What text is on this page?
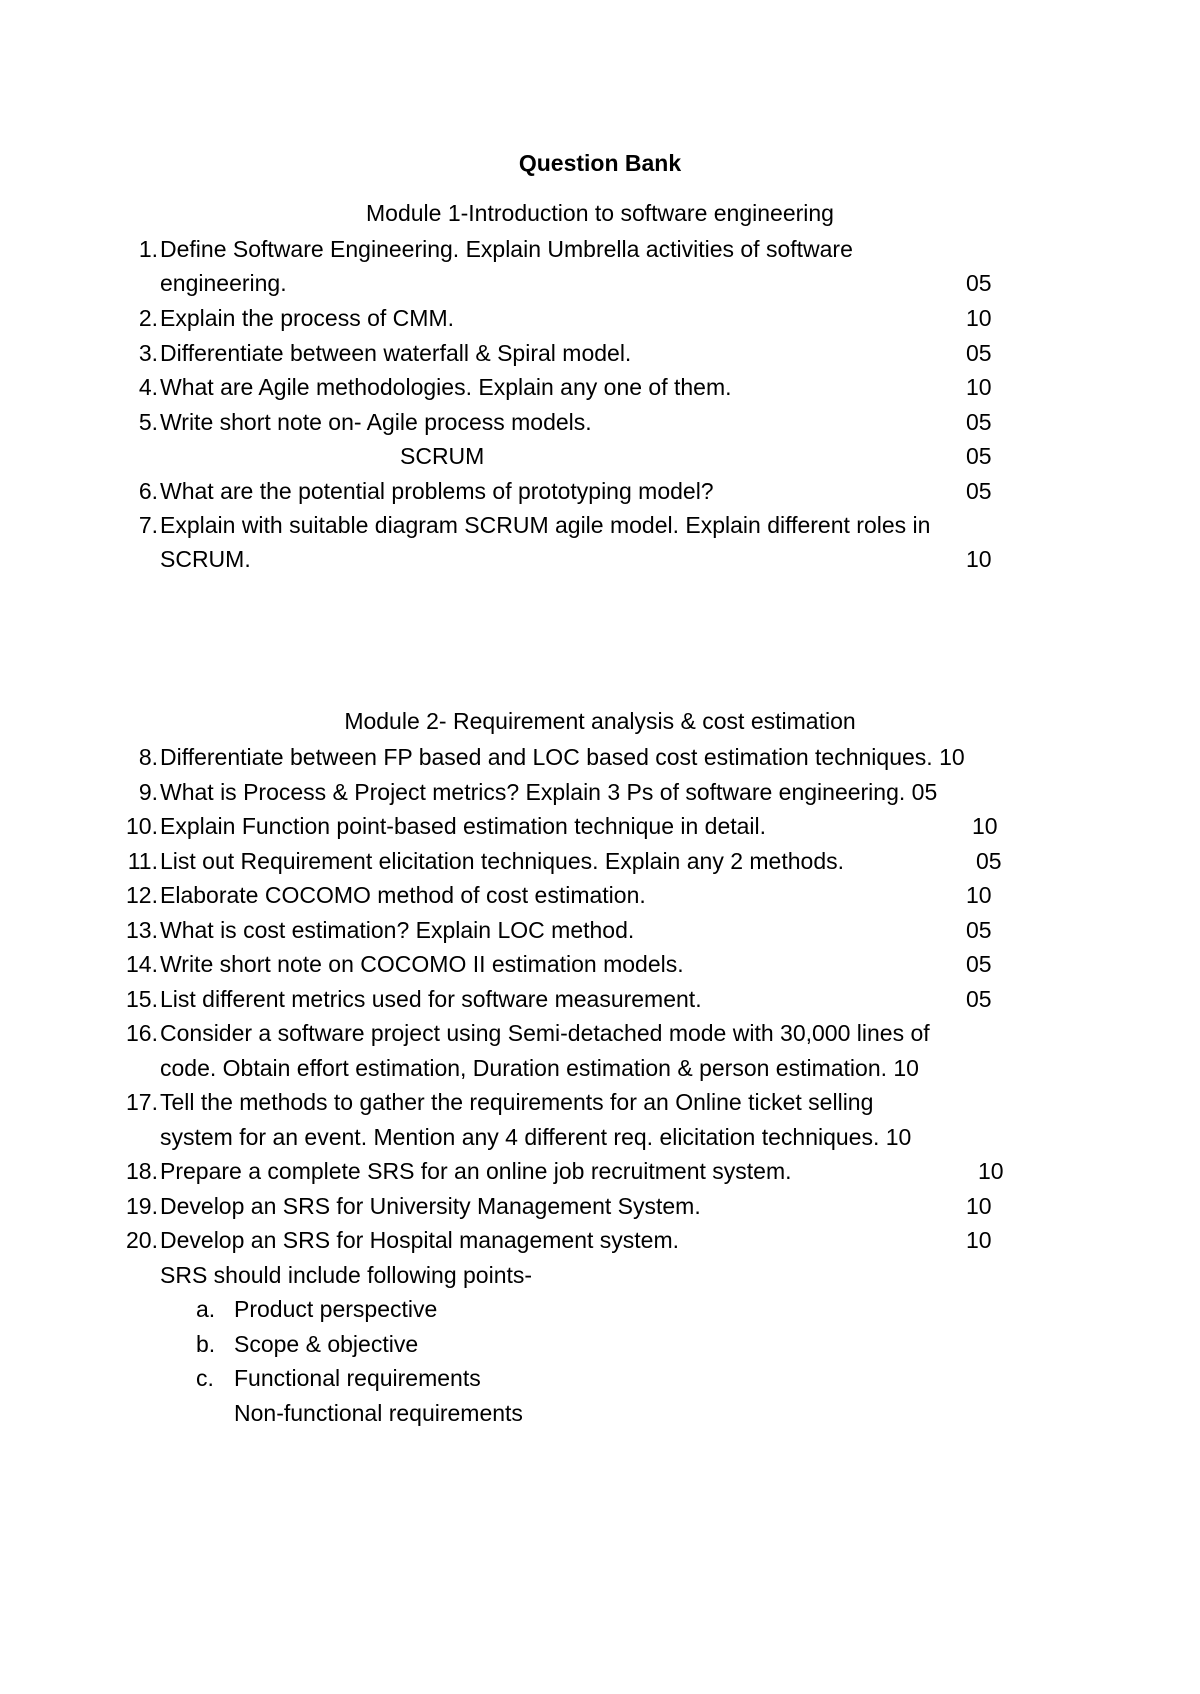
Question Bank
Module 1-Introduction to software engineering
1. Define Software Engineering. Explain Umbrella activities of software
engineering.	05
2. Explain the process of CMM.	10
3. Differentiate between waterfall & Spiral model.	05
4. What are Agile methodologies. Explain any one of them.	10
5. Write short note on- Agile process models.	05
SCRUM	05
6. What are the potential problems of prototyping model?	05
7. Explain with suitable diagram SCRUM agile model. Explain different roles in
SCRUM.	10
Module 2- Requirement analysis & cost estimation
8. Differentiate between FP based and LOC based cost estimation techniques. 10
9. What is Process & Project metrics? Explain 3 Ps of software engineering. 05
10. Explain Function point-based estimation technique in detail.	10
11. List out Requirement elicitation techniques. Explain any 2 methods.	05
12. Elaborate COCOMO method of cost estimation.	10
13. What is cost estimation? Explain LOC method.	05
14. Write short note on COCOMO II estimation models.	05
15. List different metrics used for software measurement.	05
16. Consider a software project using Semi-detached mode with 30,000 lines of
code. Obtain effort estimation, Duration estimation & person estimation. 10
17. Tell the methods to gather the requirements for an Online ticket selling
system for an event. Mention any 4 different req. elicitation techniques. 10
18. Prepare a complete SRS for an online job recruitment system.	10
19. Develop an SRS for University Management System.	10
20. Develop an SRS for Hospital management system.	10
SRS should include following points-
a. Product perspective
b. Scope & objective
c. Functional requirements
Non-functional requirements
